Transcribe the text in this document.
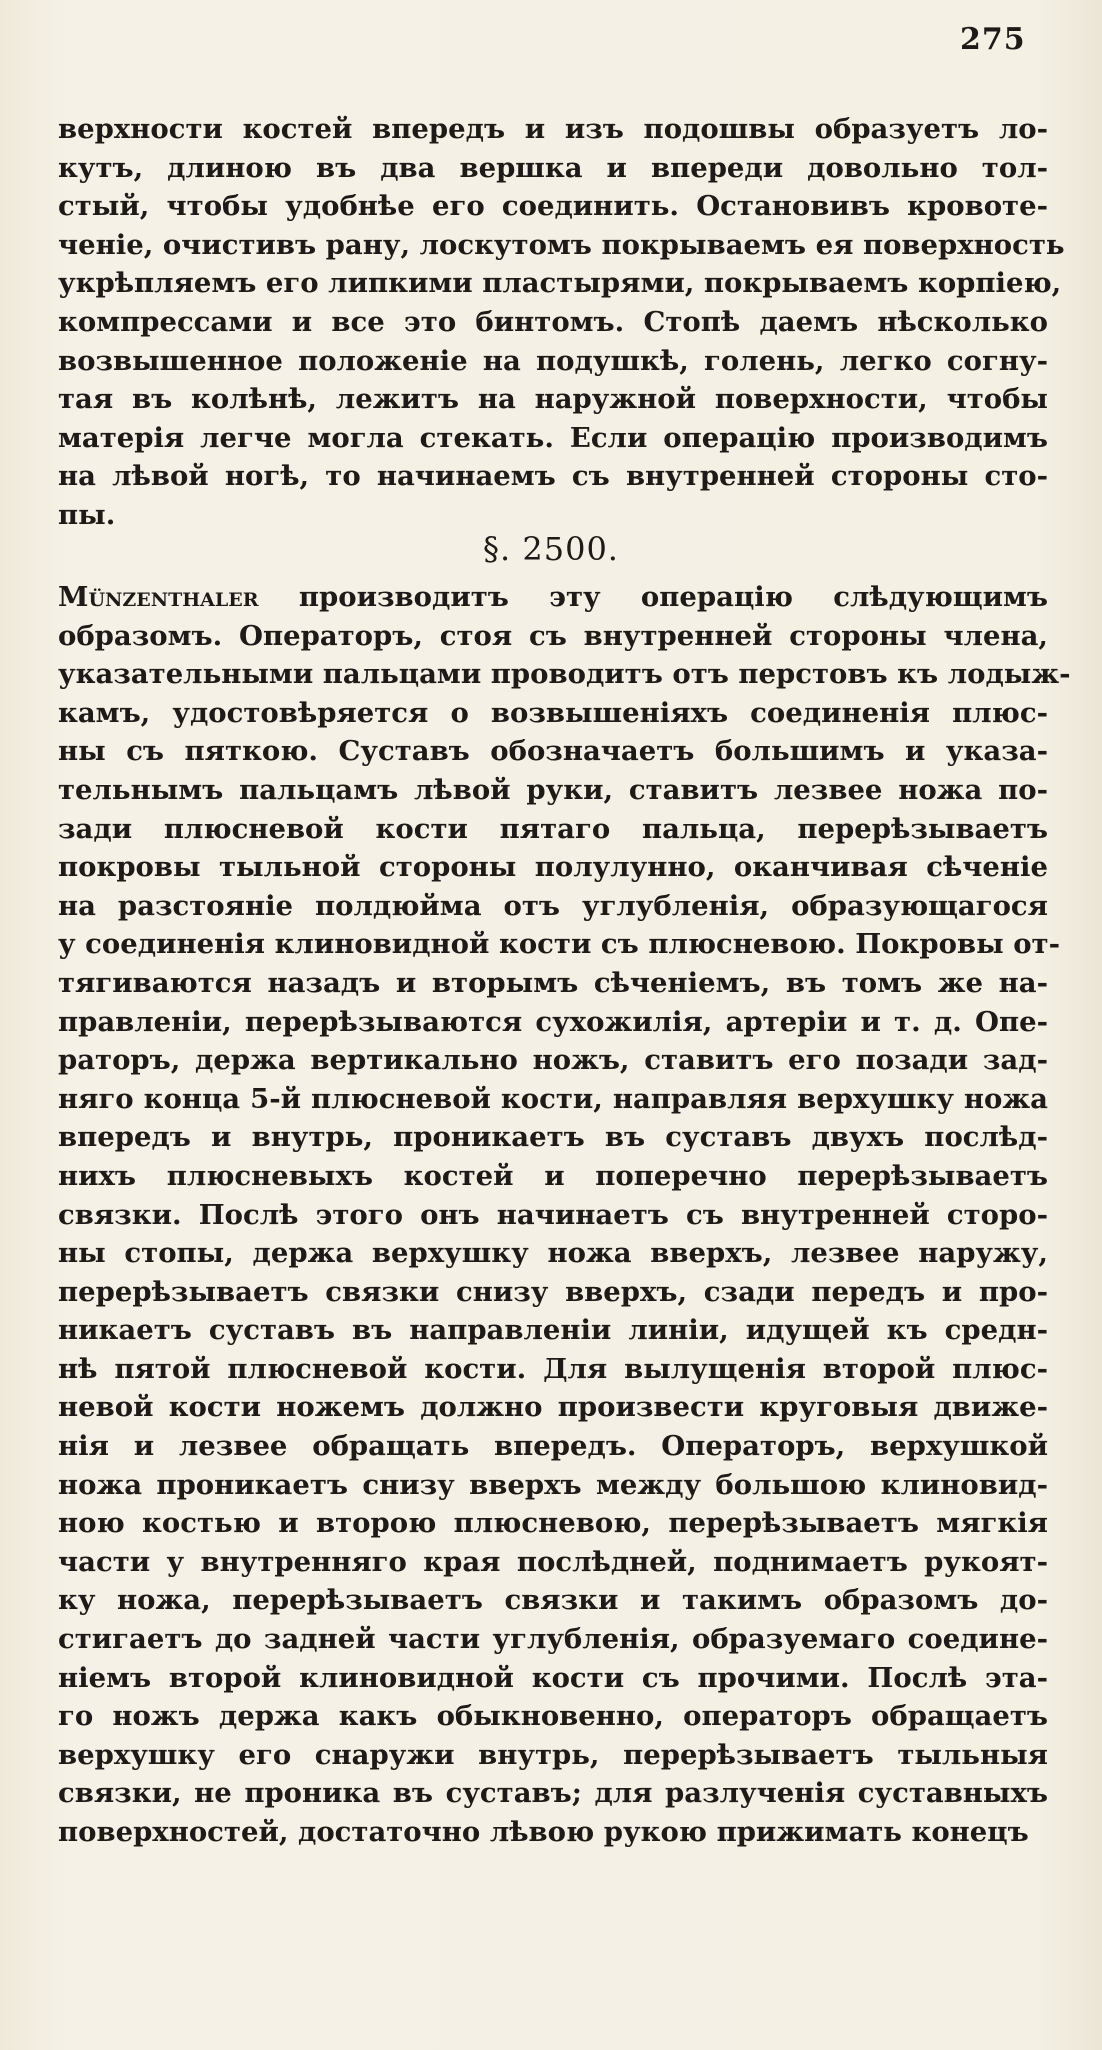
275
верхности костей впередъ и изъ подошвы образуетъ ло-
кутъ, длиною въ два вершка и впереди довольно тол-
стый, чтобы удобнѣе его соединить. Остановивъ кровоте-
ченіе, очистивъ рану, лоскутомъ покрываемъ ея поверхность
укрѣпляемъ его липкими пластырями, покрываемъ корпіею,
компрессами и все это бинтомъ. Стопѣ даемъ нѣсколько
возвышенное положеніе на подушкѣ, голень, легко согну-
тая въ колѣнѣ, лежитъ на наружной поверхности, чтобы
матерія легче могла стекать. Если операцію производимъ
на лѣвой ногѣ, то начинаемъ съ внутренней стороны сто-
пы.
§. 2500.
Münzenthaler производитъ эту операцію слѣдующимъ
образомъ. Операторъ, стоя съ внутренней стороны члена,
указательными пальцами проводитъ отъ перстовъ къ лодыж-
камъ, удостовѣряется о возвышеніяхъ соединенія плюс-
ны съ пяткою. Суставъ обозначаетъ большимъ и указа-
тельнымъ пальцамъ лѣвой руки, ставитъ лезвее ножа по-
зади плюсневой кости пятаго пальца, перерѣзываетъ
покровы тыльной стороны полулунно, оканчивая сѣченіе
на разстояніе полдюйма отъ углубленія, образующагося
у соединенія клиновидной кости съ плюсневою. Покровы от-
тягиваются назадъ и вторымъ сѣченіемъ, въ томъ же на-
правленіи, перерѣзываются сухожилія, артеріи и т. д. Опе-
раторъ, держа вертикально ножъ, ставитъ его позади зад-
няго конца 5-й плюсневой кости, направляя верхушку ножа
впередъ и внутрь, проникаетъ въ суставъ двухъ послѣд-
нихъ плюсневыхъ костей и поперечно перерѣзываетъ
связки. Послѣ этого онъ начинаетъ съ внутренней сторо-
ны стопы, держа верхушку ножа вверхъ, лезвее наружу,
перерѣзываетъ связки снизу вверхъ, сзади передъ и про-
никаетъ суставъ въ направленіи линіи, идущей къ средн-
нѣ пятой плюсневой кости. Для вылущенія второй плюс-
невой кости ножемъ должно произвести круговыя движе-
нія и лезвее обращать впередъ. Операторъ, верхушкой
ножа проникаетъ снизу вверхъ между большою клиновид-
ною костью и второю плюсневою, перерѣзываетъ мягкія
части у внутренняго края послѣдней, поднимаетъ рукоят-
ку ножа, перерѣзываетъ связки и такимъ образомъ до-
стигаетъ до задней части углубленія, образуемаго соедине-
ніемъ второй клиновидной кости съ прочими. Послѣ эта-
го ножъ держа какъ обыкновенно, операторъ обращаетъ
верхушку его снаружи внутрь, перерѣзываетъ тыльныя
связки, не проника въ суставъ; для разлученія суставныхъ
поверхностей, достаточно лѣвою рукою прижимать конецъ
